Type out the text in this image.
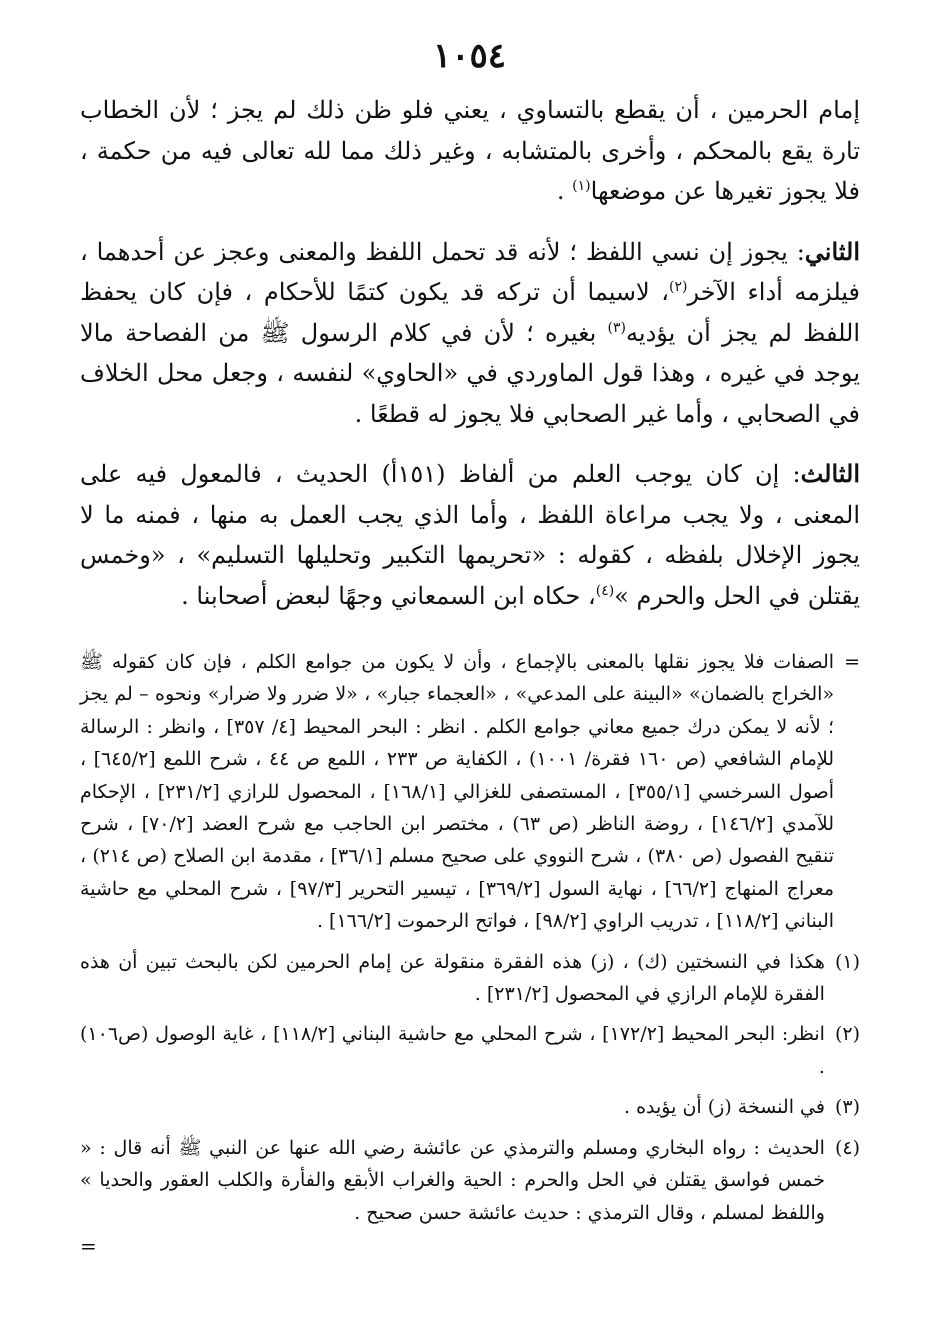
١٠٥٤

إمام الحرمين ، أن يقطع بالتساوي ، يعني فلو ظن ذلك لم يجز ؛ لأن الخطاب تارة يقع بالمحكم ، وأخرى بالمتشابه ، وغير ذلك مما لله تعالى فيه من حكمة ، فلا يجوز تغيرها عن موضعها$^{(١)}$ .

الثاني: يجوز إن نسي اللفظ ؛ لأنه قد تحمل اللفظ والمعنى وعجز عن أحدهما ، فيلزمه أداء الآخر$^{(٢)}$، لاسيما أن تركه قد يكون كتمًا للأحكام ، فإن كان يحفظ اللفظ لم يجز أن يؤديه$^{(٣)}$ بغيره ؛ لأن في كلام الرسول ﷺ من الفصاحة مالا يوجد في غيره ، وهذا قول الماوردي في «الحاوي» لنفسه ، وجعل محل الخلاف في الصحابي ، وأما غير الصحابي فلا يجوز له قطعًا .

الثالث: إن كان يوجب العلم من ألفاظ (١٥١أ) الحديث ، فالمعول فيه على المعنى ، ولا يجب مراعاة اللفظ ، وأما الذي يجب العمل به منها ، فمنه ما لا يجوز الإخلال بلفظه ، كقوله : «تحريمها التكبير وتحليلها التسليم» ، «وخمس يقتلن في الحل والحرم »$^{(٤)}$، حكاه ابن السمعاني وجهًا لبعض أصحابنا .

=
الصفات فلا يجوز نقلها بالمعنى بالإجماع ، وأن لا يكون من جوامع الكلم ، فإن كان كقوله ﷺ «الخراج بالضمان» «البينة على المدعي» ، «العجماء جبار» ، «لا ضرر ولا ضرار» ونحوه – لم يجز ؛ لأنه لا يمكن درك جميع معاني جوامع الكلم . انظر : البحر المحيط [٤/ ٣٥٧] ، وانظر : الرسالة للإمام الشافعي (ص ١٦٠ فقرة/ ١٠٠١) ، الكفاية ص ٢٣٣ ، اللمع ص ٤٤ ، شرح اللمع [٦٤٥/٢] ، أصول السرخسي [٣٥٥/١] ، المستصفى للغزالي [١٦٨/١] ، المحصول للرازي [٢٣١/٢] ، الإحكام للآمدي [١٤٦/٢] ، روضة الناظر (ص ٦٣) ، مختصر ابن الحاجب مع شرح العضد [٧٠/٢] ، شرح تنقيح الفصول (ص ٣٨٠) ، شرح النووي على صحيح مسلم [٣٦/١] ، مقدمة ابن الصلاح (ص ٢١٤) ، معراج المنهاج [٦٦/٢] ، نهاية السول [٣٦٩/٢] ، تيسير التحرير [٩٧/٣] ، شرح المحلي مع حاشية البناني [١١٨/٢] ، تدريب الراوي [٩٨/٢] ، فواتح الرحموت [١٦٦/٢] .
(١)
هكذا في النسختين (ك) ، (ز) هذه الفقرة منقولة عن إمام الحرمين لكن بالبحث تبين أن هذه الفقرة للإمام الرازي في المحصول [٢٣١/٢] .
(٢)
انظر: البحر المحيط [١٧٢/٢] ، شرح المحلي مع حاشية البناني [١١٨/٢] ، غاية الوصول (ص١٠٦) .
(٣)
في النسخة (ز) أن يؤيده .
(٤)
الحديث : رواه البخاري ومسلم والترمذي عن عائشة رضي الله عنها عن النبي ﷺ أنه قال : « خمس فواسق يقتلن في الحل والحرم : الحية والغراب الأبقع والفأرة والكلب العقور والحديا » واللفظ لمسلم ، وقال الترمذي : حديث عائشة حسن صحيح .
=
